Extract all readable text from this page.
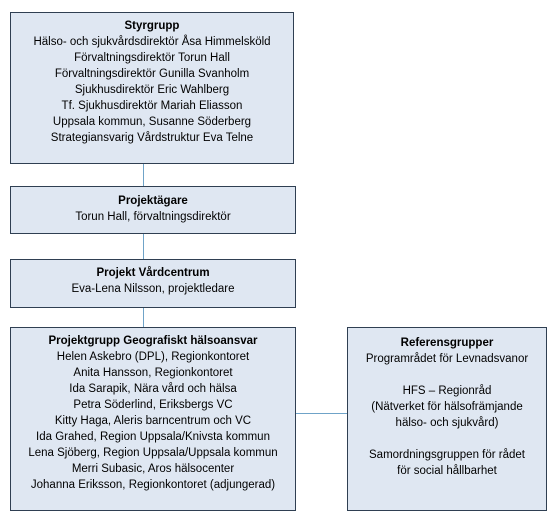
Styrgrupp
Hälso- och sjukvårdsdirektör Åsa Himmelsköld
Förvaltningsdirektör Torun Hall
Förvaltningsdirektör Gunilla Svanholm
Sjukhusdirektör Eric Wahlberg
Tf. Sjukhusdirektör Mariah Eliasson
Uppsala kommun, Susanne Söderberg
Strategiansvarig Vårdstruktur Eva Telne
Projektägare
Torun Hall, förvaltningsdirektör
Projekt Vårdcentrum
Eva-Lena Nilsson, projektledare
Projektgrupp Geografiskt hälsoansvar
Helen Askebro (DPL), Regionkontoret
Anita Hansson, Regionkontoret
Ida Sarapik, Nära vård och hälsa
Petra Söderlind, Eriksbergs VC
Kitty Haga, Aleris barncentrum och VC
Ida Grahed, Region Uppsala/Knivsta kommun
Lena Sjöberg, Region Uppsala/Uppsala kommun
Merri Subasic, Aros hälsocenter
Johanna Eriksson, Regionkontoret (adjungerad)
Referensgrupper
Programrådet för Levnadsvanor
HFS – Regionråd
(Nätverket för hälsofrämjande
hälso- och sjukvård)
Samordningsgruppen för rådet
för social hållbarhet
